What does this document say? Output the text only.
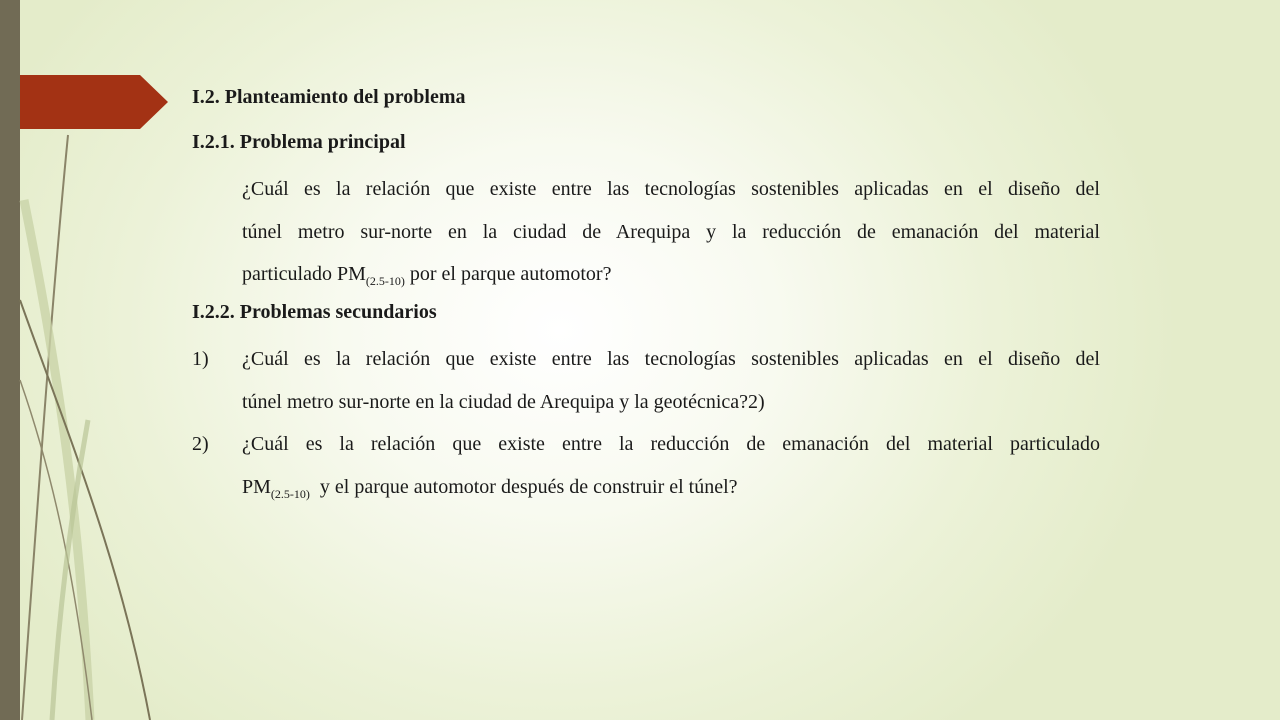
I.2. Planteamiento del problema
I.2.1. Problema principal
¿Cuál es la relación que existe entre las tecnologías sostenibles aplicadas en el diseño del
túnel metro sur-norte en la ciudad de Arequipa y la reducción de emanación del material
particulado $PM_{(2.5-10)}$ por el parque automotor?
I.2.2. Problemas secundarios
1) ¿Cuál es la relación que existe entre las tecnologías sostenibles aplicadas en el diseño del
túnel metro sur-norte en la ciudad de Arequipa y la geotécnica?2)
2) ¿Cuál es la relación que existe entre la reducción de emanación del material particulado
$PM_{(2.5-10)}$  y el parque automotor después de construir el túnel?
